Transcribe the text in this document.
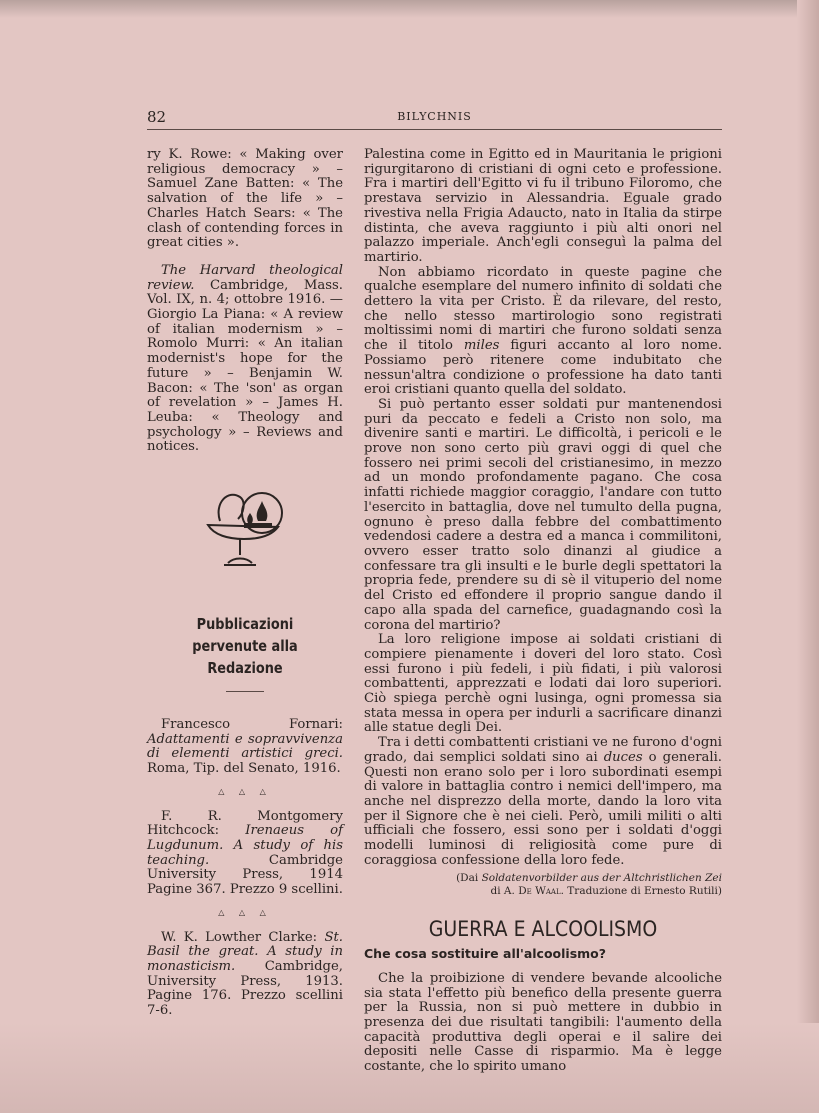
82	BILYCHNIS

ry K. Rowe: « Making over religious democracy » – Samuel Zane Batten: « The salvation of the life » – Charles Hatch Sears: « The clash of contending forces in great cities ».

The Harvard theological review. Cambridge, Mass. Vol. IX, n. 4; ottobre 1916. — Giorgio La Piana: « A review of italian modernism » – Romolo Murri: « An italian modernist's hope for the future » – Benjamin W. Bacon: « The 'son' as organ of revelation » – James H. Leuba: « Theology and psychology » – Reviews and notices.

Pubblicazioni
pervenute alla Redazione

Francesco Fornari: Adattamenti e sopravvivenza di elementi artistici greci. Roma, Tip. del Senato, 1916.

△ △ △

F. R. Montgomery Hitchcock: Irenaeus of Lugdunum. A study of his teaching. Cambridge University Press, 1914 Pagine 367. Prezzo 9 scellini.

△ △ △

W. K. Lowther Clarke: St. Basil the great. A study in monasticism. Cambridge, University Press, 1913. Pagine 176. Prezzo scellini 7-6.

Palestina come in Egitto ed in Mauritania le prigioni rigurgitarono di cristiani di ogni ceto e professione. Fra i martiri dell'Egitto vi fu il tribuno Filoromo, che prestava servizio in Alessandria. Eguale grado rivestiva nella Frigia Adaucto, nato in Italia da stirpe distinta, che aveva raggiunto i più alti onori nel palazzo imperiale. Anch'egli conseguì la palma del martirio.

Non abbiamo ricordato in queste pagine che qualche esemplare del numero infinito di soldati che dettero la vita per Cristo. È da rilevare, del resto, che nello stesso martirologio sono registrati moltissimi nomi di martiri che furono soldati senza che il titolo miles figuri accanto al loro nome. Possiamo però ritenere come indubitato che nessun'altra condizione o professione ha dato tanti eroi cristiani quanto quella del soldato.

Si può pertanto esser soldati pur mantenendosi puri da peccato e fedeli a Cristo non solo, ma divenire santi e martiri. Le difficoltà, i pericoli e le prove non sono certo più gravi oggi di quel che fossero nei primi secoli del cristianesimo, in mezzo ad un mondo profondamente pagano. Che cosa infatti richiede maggior coraggio, l'andare con tutto l'esercito in battaglia, dove nel tumulto della pugna, ognuno è preso dalla febbre del combattimento vedendosi cadere a destra ed a manca i commilitoni, ovvero esser tratto solo dinanzi al giudice a confessare tra gli insulti e le burle degli spettatori la propria fede, prendere su di sè il vituperio del nome del Cristo ed effondere il proprio sangue dando il capo alla spada del carnefice, guadagnando così la corona del martirio?

La loro religione impose ai soldati cristiani di compiere pienamente i doveri del loro stato. Così essi furono i più fedeli, i più fidati, i più valorosi combattenti, apprezzati e lodati dai loro superiori. Ciò spiega perchè ogni lusinga, ogni promessa sia stata messa in opera per indurli a sacrificare dinanzi alle statue degli Dei.

Tra i detti combattenti cristiani ve ne furono d'ogni grado, dai semplici soldati sino ai duces o generali. Questi non erano solo per i loro subordinati esempi di valore in battaglia contro i nemici dell'impero, ma anche nel disprezzo della morte, dando la loro vita per il Signore che è nei cieli. Però, umili militi o alti ufficiali che fossero, essi sono per i soldati d'oggi modelli luminosi di religiosità come pure di coraggiosa confessione della loro fede.

(Dai Soldatenvorbilder aus der Altchristlichen Zei
di A. De Waal. Traduzione di Ernesto Rutili)
GUERRA E ALCOOLISMO
Che cosa sostituire all'alcoolismo?

Che la proibizione di vendere bevande alcooliche sia stata l'effetto più benefico della presente guerra per la Russia, non si può mettere in dubbio in presenza dei due risultati tangibili: l'aumento della capacità produttiva degli operai e il salire dei depositi nelle Casse di risparmio. Ma è legge costante, che lo spirito umano
